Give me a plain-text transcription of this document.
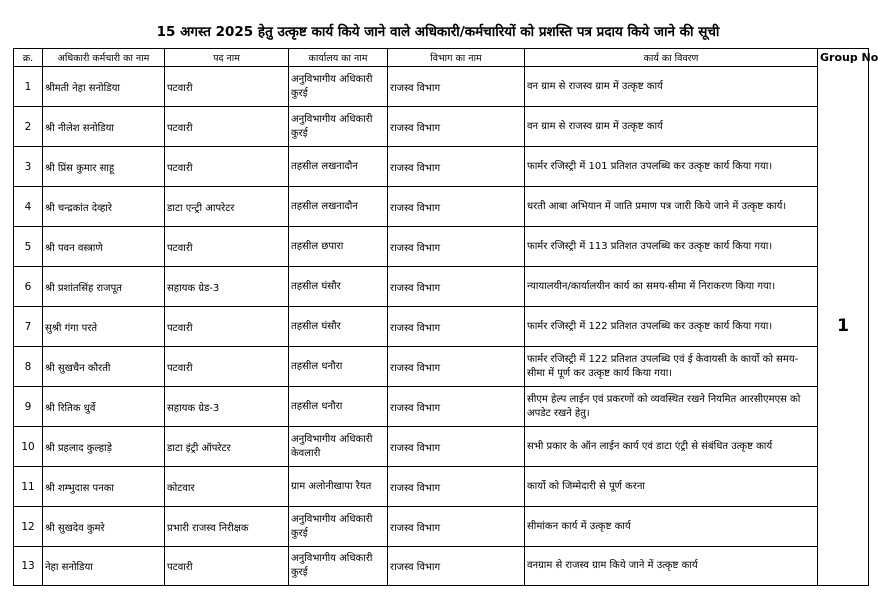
15 अगस्त 2025 हेतु उत्कृष्ट कार्य किये जाने वाले अधिकारी/कर्मचारियों को प्रशस्ति पत्र प्रदाय किये जाने की सूची
क्र.	अधिकारी कर्मचारी का नाम	पद नाम	कार्यालय का नाम	विभाग का नाम	कार्य का विवरण	Group No
1	श्रीमती नेहा सनोडिया	पटवारी	अनुविभागीय अधिकारी कुरई	राजस्व विभाग	वन ग्राम से राजस्व ग्राम में उत्कृष्ट कार्य	1
2	श्री नीलेश सनोडिया	पटवारी	अनुविभागीय अधिकारी कुरई	राजस्व विभाग	वन ग्राम से राजस्व ग्राम में उत्कृष्ट कार्य	
3	श्री प्रिंस कुमार साहू	पटवारी	तहसील लखनादौन	राजस्व विभाग	फार्मर रजिस्ट्री में 101 प्रतिशत उपलब्धि कर उत्कृष्ट कार्य किया गया।	
4	श्री चन्द्रकांत देव्हारे	डाटा एन्ट्री आपरेटर	तहसील लखनादौन	राजस्व विभाग	धरती आबा अभियान में जाति प्रमाण पत्र जारी किये जाने में उत्कृष्ट कार्य।	
5	श्री पवन वस्त्राणे	पटवारी	तहसील छपारा	राजस्व विभाग	फार्मर रजिस्ट्री में 113 प्रतिशत उपलब्धि कर उत्कृष्ट कार्य किया गया।	
6	श्री प्रशांतसिंह राजपूत	सहायक ग्रेड-3	तहसील घंसौर	राजस्व विभाग	न्यायालयीन/कार्यालयीन कार्य का समय-सीमा में निराकरण किया गया।	
7	सुश्री गंगा परते	पटवारी	तहसील घंसौर	राजस्व विभाग	फार्मर रजिस्ट्री में 122 प्रतिशत उपलब्धि कर उत्कृष्ट कार्य किया गया।	
8	श्री सुखचैन कौरती	पटवारी	तहसील धनौरा	राजस्व विभाग	फार्मर रजिस्ट्री में 122 प्रतिशत उपलब्धि एवं ई केवायसी के कार्यो को समय-सीमा में पूर्ण कर उत्कृष्ट कार्य किया गया।	
9	श्री रितिक धुर्वे	सहायक ग्रेड-3	तहसील धनौरा	राजस्व विभाग	सीएम हेल्प लाईन एवं प्रकरणों को व्यवस्थित रखने नियमित आरसीएमएस को अपडेट रखने हेतु।	
10	श्री प्रहलाद कुल्हाड़े	डाटा इंट्री ऑपरेटर	अनुविभागीय अधिकारी केवलारी	राजस्व विभाग	सभी प्रकार के ऑन लाईन कार्य एवं डाटा एंट्री से संबंधित उत्कृष्ट कार्य	
11	श्री शम्भुदास पनका	कोटवार	ग्राम अलोनीखापा रैयत	राजस्व विभाग	कार्यो को जिम्मेदारी से पूर्ण करना	
12	श्री सुखदेव कुमरे	प्रभारी राजस्व निरीक्षक	अनुविभागीय अधिकारी कुरई	राजस्व विभाग	सीमांकन कार्य में उत्कृष्ट कार्य	
13	नेहा सनोडिया	पटवारी	अनुविभागीय अधिकारी कुरई	राजस्व विभाग	वनग्राम से राजस्व ग्राम किये जाने में उत्कृष्ट कार्य	
